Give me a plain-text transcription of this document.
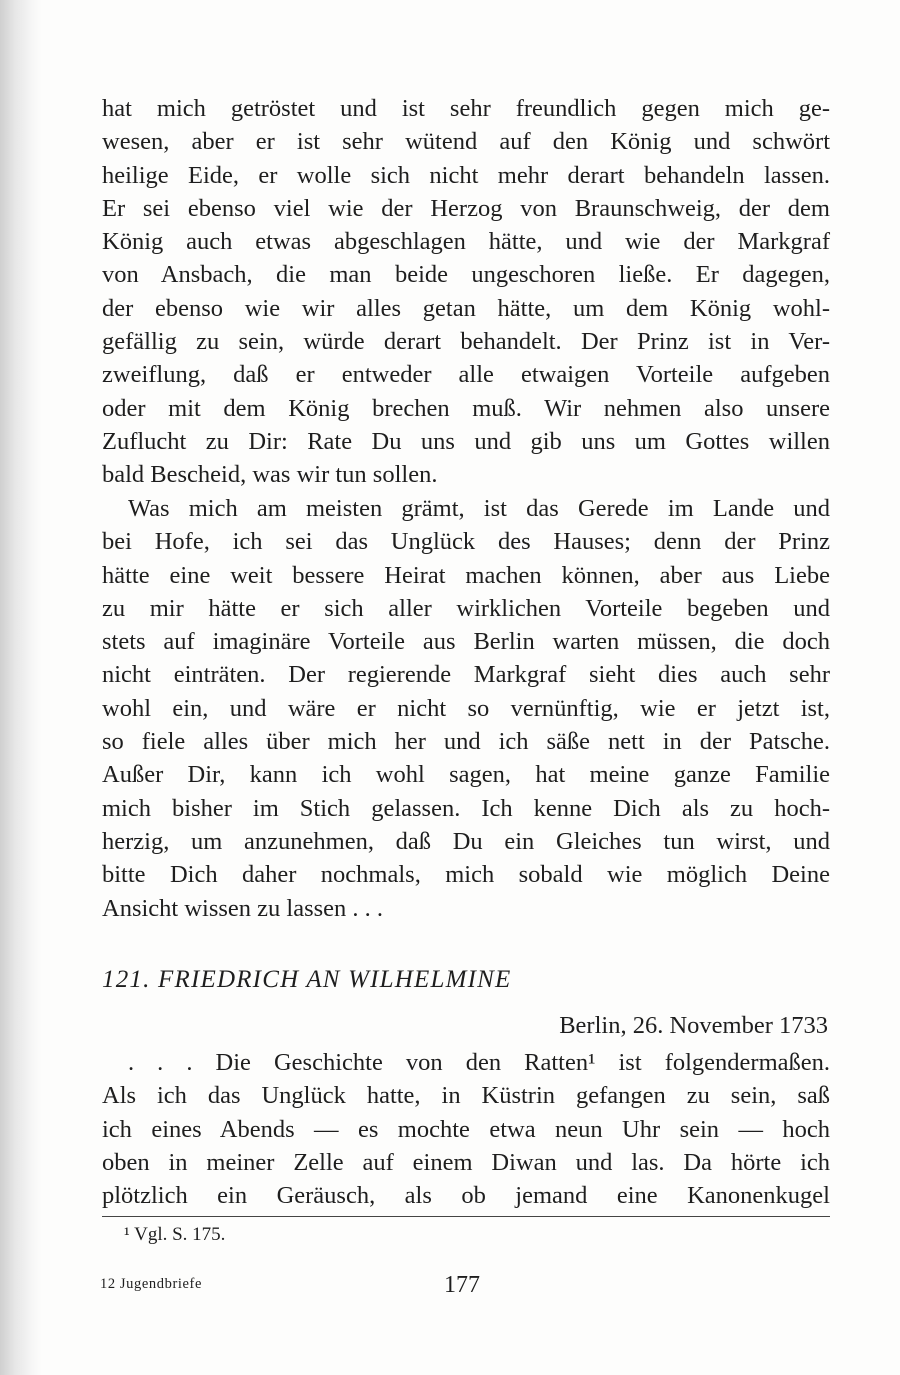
hat mich getröstet und ist sehr freundlich gegen mich ge-
wesen, aber er ist sehr wütend auf den König und schwört
heilige Eide, er wolle sich nicht mehr derart behandeln lassen.
Er sei ebenso viel wie der Herzog von Braunschweig, der dem
König auch etwas abgeschlagen hätte, und wie der Markgraf
von Ansbach, die man beide ungeschoren ließe. Er dagegen,
der ebenso wie wir alles getan hätte, um dem König wohl-
gefällig zu sein, würde derart behandelt. Der Prinz ist in Ver-
zweiflung, daß er entweder alle etwaigen Vorteile aufgeben
oder mit dem König brechen muß. Wir nehmen also unsere
Zuflucht zu Dir: Rate Du uns und gib uns um Gottes willen
bald Bescheid, was wir tun sollen.
Was mich am meisten grämt, ist das Gerede im Lande und
bei Hofe, ich sei das Unglück des Hauses; denn der Prinz
hätte eine weit bessere Heirat machen können, aber aus Liebe
zu mir hätte er sich aller wirklichen Vorteile begeben und
stets auf imaginäre Vorteile aus Berlin warten müssen, die doch
nicht einträten. Der regierende Markgraf sieht dies auch sehr
wohl ein, und wäre er nicht so vernünftig, wie er jetzt ist,
so fiele alles über mich her und ich säße nett in der Patsche.
Außer Dir, kann ich wohl sagen, hat meine ganze Familie
mich bisher im Stich gelassen. Ich kenne Dich als zu hoch-
herzig, um anzunehmen, daß Du ein Gleiches tun wirst, und
bitte Dich daher nochmals, mich sobald wie möglich Deine
Ansicht wissen zu lassen . . .
121. FRIEDRICH AN WILHELMINE
Berlin, 26. November 1733
. . . Die Geschichte von den Ratten¹ ist folgendermaßen.
Als ich das Unglück hatte, in Küstrin gefangen zu sein, saß
ich eines Abends — es mochte etwa neun Uhr sein — hoch
oben in meiner Zelle auf einem Diwan und las. Da hörte ich
plötzlich ein Geräusch, als ob jemand eine Kanonenkugel
¹ Vgl. S. 175.
12 Jugendbriefe	177
